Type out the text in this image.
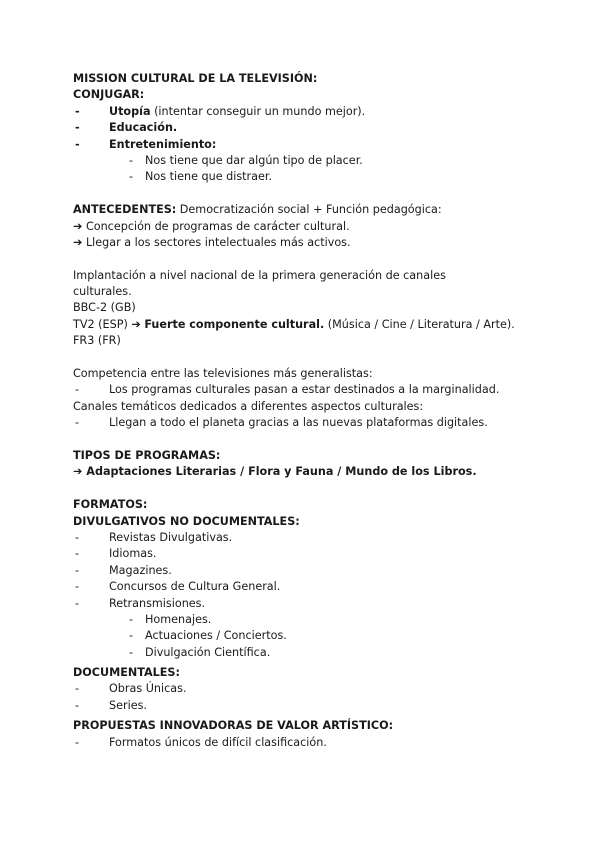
MISSION CULTURAL DE LA TELEVISIÓN:
CONJUGAR:
- Utopía (intentar conseguir un mundo mejor).
- Educación.
- Entretenimiento:
- Nos tiene que dar algún tipo de placer.
- Nos tiene que distraer.
ANTECEDENTES: Democratización social + Función pedagógica:
➔ Concepción de programas de carácter cultural.
➔ Llegar a los sectores intelectuales más activos.
Implantación a nivel nacional de la primera generación de canales
culturales.
BBC-2 (GB)
TV2 (ESP) ➔ Fuerte componente cultural. (Música / Cine / Literatura / Arte).
FR3 (FR)
Competencia entre las televisiones más generalistas:
- Los programas culturales pasan a estar destinados a la marginalidad.
Canales temáticos dedicados a diferentes aspectos culturales:
- Llegan a todo el planeta gracias a las nuevas plataformas digitales.
TIPOS DE PROGRAMAS:
➔ Adaptaciones Literarias / Flora y Fauna / Mundo de los Libros.
FORMATOS:
DIVULGATIVOS NO DOCUMENTALES:
- Revistas Divulgativas.
- Idiomas.
- Magazines.
- Concursos de Cultura General.
- Retransmisiones.
- Homenajes.
- Actuaciones / Conciertos.
- Divulgación Científica.
DOCUMENTALES:
- Obras Únicas.
- Series.
PROPUESTAS INNOVADORAS DE VALOR ARTÍSTICO:
- Formatos únicos de difícil clasificación.
